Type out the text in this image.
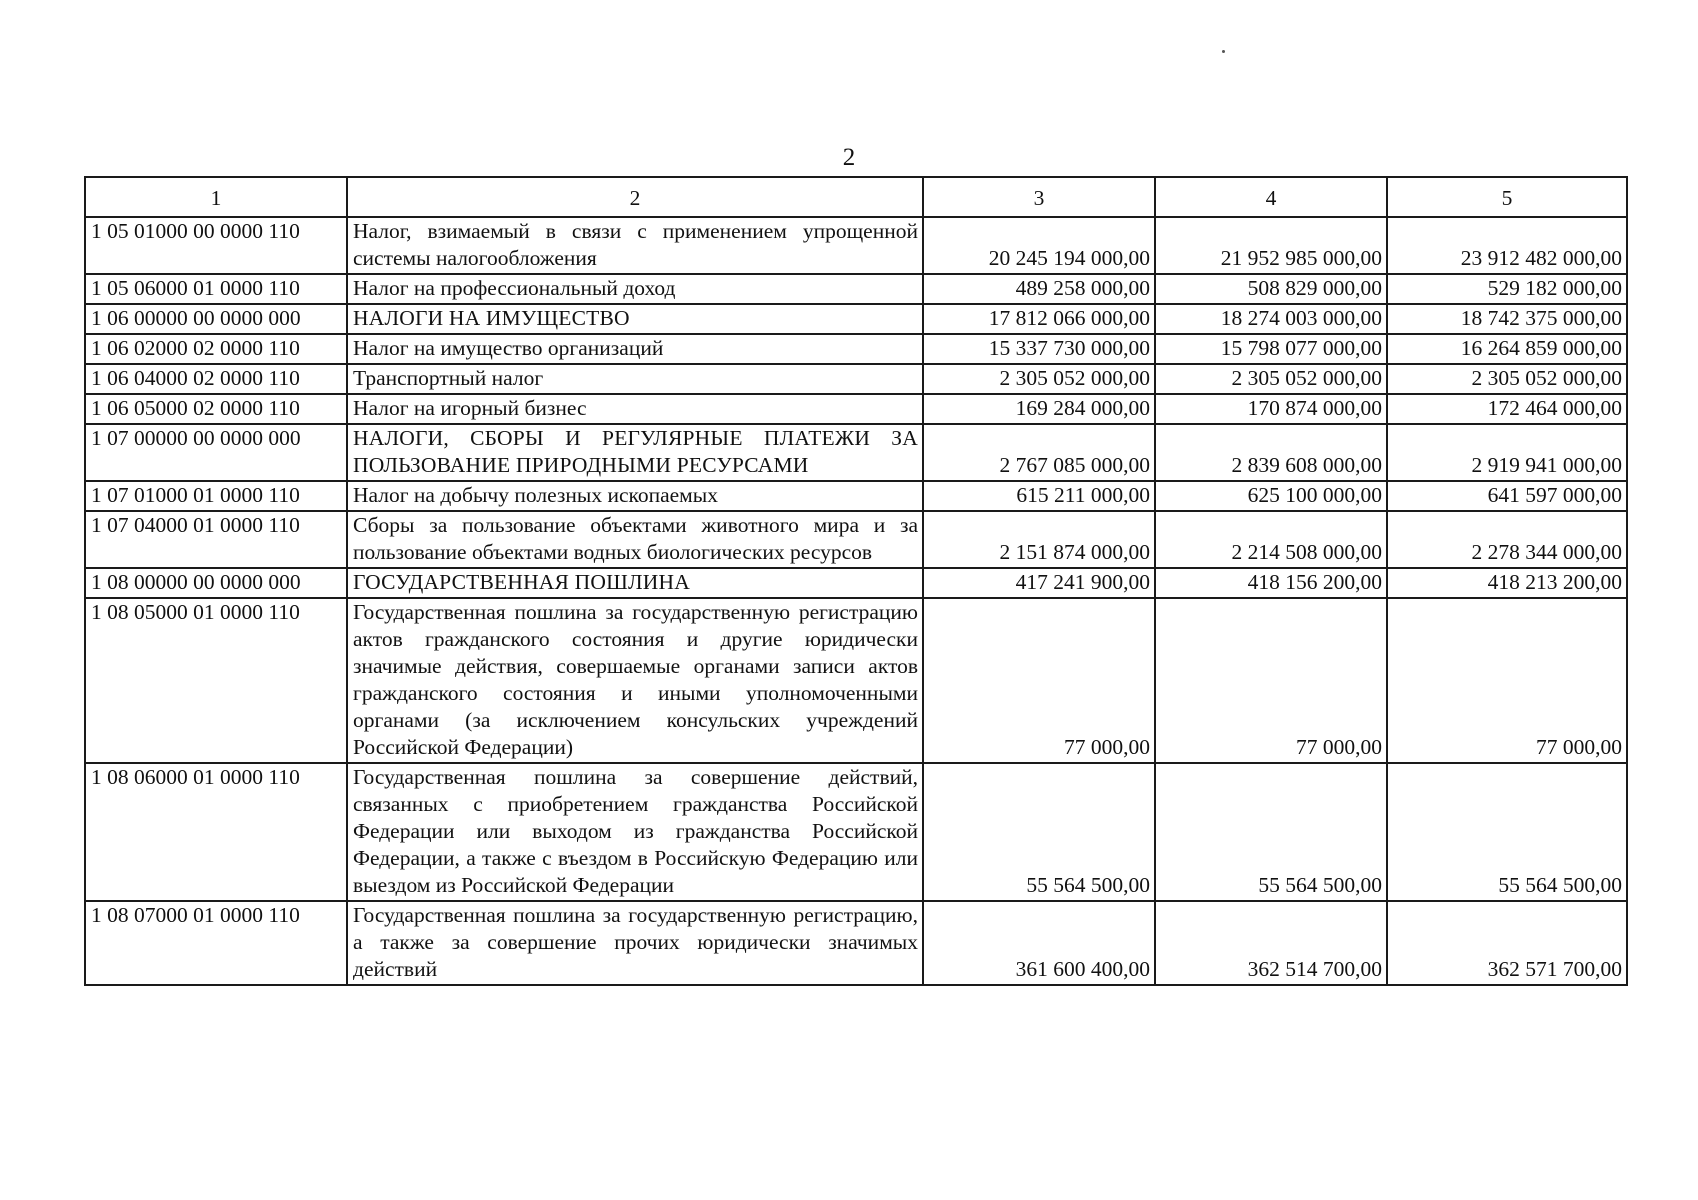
2
1	2	3	4	5
1 05 01000 00 0000 110	Налог, взимаемый в связи с применением упрощенной системы налогообложения	20 245 194 000,00	21 952 985 000,00	23 912 482 000,00
1 05 06000 01 0000 110	Налог на профессиональный доход	489 258 000,00	508 829 000,00	529 182 000,00
1 06 00000 00 0000 000	НАЛОГИ НА ИМУЩЕСТВО	17 812 066 000,00	18 274 003 000,00	18 742 375 000,00
1 06 02000 02 0000 110	Налог на имущество организаций	15 337 730 000,00	15 798 077 000,00	16 264 859 000,00
1 06 04000 02 0000 110	Транспортный налог	2 305 052 000,00	2 305 052 000,00	2 305 052 000,00
1 06 05000 02 0000 110	Налог на игорный бизнес	169 284 000,00	170 874 000,00	172 464 000,00
1 07 00000 00 0000 000	НАЛОГИ, СБОРЫ И РЕГУЛЯРНЫЕ ПЛАТЕЖИ ЗА ПОЛЬЗОВАНИЕ ПРИРОДНЫМИ РЕСУРСАМИ	2 767 085 000,00	2 839 608 000,00	2 919 941 000,00
1 07 01000 01 0000 110	Налог на добычу полезных ископаемых	615 211 000,00	625 100 000,00	641 597 000,00
1 07 04000 01 0000 110	Сборы за пользование объектами животного мира и за пользование объектами водных биологических ресурсов	2 151 874 000,00	2 214 508 000,00	2 278 344 000,00
1 08 00000 00 0000 000	ГОСУДАРСТВЕННАЯ ПОШЛИНА	417 241 900,00	418 156 200,00	418 213 200,00
1 08 05000 01 0000 110	Государственная пошлина за государственную регистрацию актов гражданского состояния и другие юридически значимые действия, совершаемые органами записи актов гражданского состояния и иными уполномоченными органами (за исключением консульских учреждений Российской Федерации)	77 000,00	77 000,00	77 000,00
1 08 06000 01 0000 110	Государственная пошлина за совершение действий, связанных с приобретением гражданства Российской Федерации или выходом из гражданства Российской Федерации, а также с въездом в Российскую Федерацию или выездом из Российской Федерации	55 564 500,00	55 564 500,00	55 564 500,00
1 08 07000 01 0000 110	Государственная пошлина за государственную регистрацию, а также за совершение прочих юридически значимых действий	361 600 400,00	362 514 700,00	362 571 700,00
